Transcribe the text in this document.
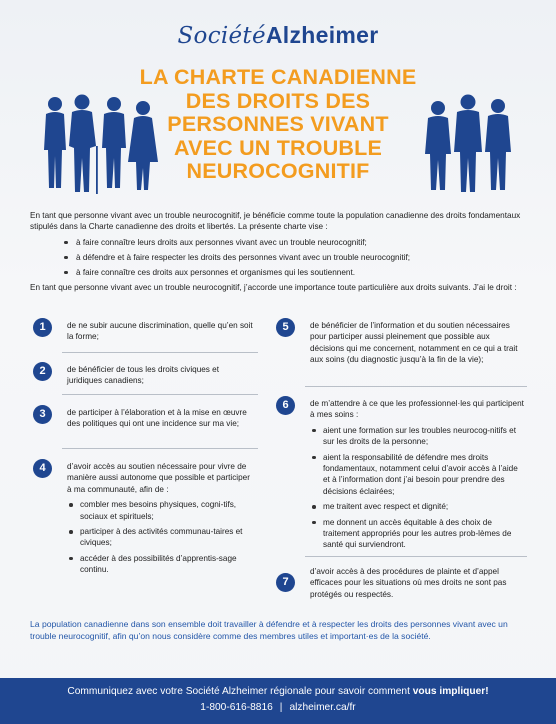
SociétéAlzheimer
LA CHARTE CANADIENNE
DES DROITS DES
PERSONNES VIVANT
AVEC UN TROUBLE
NEUROCOGNITIF

En tant que personne vivant avec un trouble neurocognitif, je bénéficie comme toute la population canadienne des droits fondamentaux stipulés dans la Charte canadienne des droits et libertés. La présente charte vise :

à faire connaître leurs droits aux personnes vivant avec un trouble neurocognitif;
à défendre et à faire respecter les droits des personnes vivant avec un trouble neurocognitif;
à faire connaître ces droits aux personnes et organismes qui les soutiennent.

En tant que personne vivant avec un trouble neurocognitif, j’accorde une importance toute particulière aux droits suivants. J’ai le droit :

1	de ne subir aucune discrimination, quelle qu’en soit la forme;
2	de bénéficier de tous les droits civiques et juridiques canadiens;
3	de participer à l’élaboration et à la mise en œuvre des politiques qui ont une incidence sur ma vie;
4	d’avoir accès au soutien nécessaire pour vivre de manière aussi autonome que possible et participer à ma communauté, afin de :
combler mes besoins physiques, cogni-tifs, sociaux et spirituels;
participer à des activités communau-taires et civiques;
accéder à des possibilités d’apprentis-sage continu.
5	de bénéficier de l’information et du soutien nécessaires pour participer aussi pleinement que possible aux décisions qui me concernent, notamment en ce qui a trait aux soins (du diagnostic jusqu’à la fin de la vie);
6	de m’attendre à ce que les professionnel·les qui participent à mes soins :
aient une formation sur les troubles neurocog-nitifs et sur les droits de la personne;
aient la responsabilité de défendre mes droits fondamentaux, notamment celui d’avoir accès à l’aide et à l’information dont j’ai besoin pour prendre des décisions éclairées;
me traitent avec respect et dignité;
me donnent un accès équitable à des choix de traitement appropriés pour les autres prob-lèmes de santé qui surviendront.
7
d’avoir accès à des procédures de plainte et d’appel efficaces pour les situations où mes droits ne sont pas protégés ou respectés.
La population canadienne dans son ensemble doit travailler à défendre et à respecter les droits des personnes vivant avec un trouble neurocognitif, afin qu’on nous considère comme des membres utiles et important·es de la société.
Communiquez avec votre Société Alzheimer régionale pour savoir comment vous impliquer!
1-800-616-8816 | alzheimer.ca/fr
